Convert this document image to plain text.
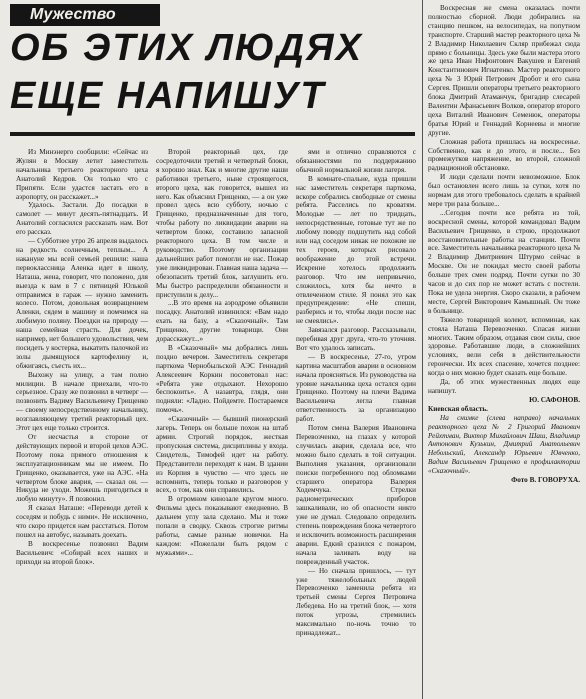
Мужество
ОБ ЭТИХ ЛЮДЯХ
ЕЩЕ НАПИШУТ

Из Минэнерго сообщили: «Сейчас из Жулян в Москву летит заместитель начальника третьего реакторного цеха Анатолий Кедров. Он только что с Припяти. Если удастся застать его в аэропорту, он расскажет...»

Удалось. Застали. До посадки в самолет — минут десять-пятнадцать. И Анатолий согласился рассказать нам. Вот его рассказ.

— Субботнее утро 26 апреля выдалось на редкость солнечным, теплым... А накануне мы всей семьей решили: наша первоклассница Аленка идет в школу, Наташа, жена, говорит, что положено, для выезда к вам в 7 с пятницей Юлькой отправимся в гараж — нужно заменить колесо. Потом, довольная возвращением Аленки, сядем в машину и помчимся на любимую поляну. Поездки на природу — наша семейная страсть. Для дочек, например, нет большего удовольствия, чем посидеть у костерка, выкатить палочкой из золы дымящуюся картофелину и, обжигаясь, съесть их...

Выхожу на улицу, а там полно милиции. В начале приехали, что-то серьезное. Сразу же позвонил в четверг — позвонить Вадиму Васильевичу Грищенко — своему непосредственному начальнику, возглавляющему третий реакторный цех. Этот цех еще только строится.

От несчастья в стороне от действующих первой и второй цехов АЭС. Поэтому пока прямого отношения к эксплуатационникам мы не имеем. По Грищенко, оказывается, уже на АЭС. «На четвертом блоке авария, — сказал он. — Никуда не уходи. Можешь пригодиться в любую минуту». Я позвонил.

Я сказал Наташе: «Переводи детей к соседям и побудь с ними». Не исключено, что скоро придется нам расстаться. Потом пошел на автобус, называть доехать.

В воскресенье позвонил Вадим Васильевич: «Собирай всех наших и приходи на второй блок».

Второй реакторный цех, где сосредоточили третий и четвертый блоки, я хорошо знал. Как и многие другие наши работники третьего, ныне строящегося, второго цеха, как говорится, вышел из него. Как объяснил Грищенко, — а он уже провел здесь всю субботу, ночью с Грищенко, предназначенные для того, чтобы работу по ликвидации аварии на четвертом блоке, составило запасной реакторного цеха. В том числе и руководство. Поэтому организации дальнейших работ помогли не нас. Пожар уже ликвидирован. Главная наша задача — обезопасить третий блок, заглушить его. Мы быстро распределили обязанности и приступили к делу...

...В это время на аэродроме объявили посадку. Анатолий извинился: «Вам надо ехать на базу, а «Сказочный». Там Грищенко, другие товарищи. Они дорасскажут...»

В «Сказочный» мы добрались лишь поздно вечером. Заместитель секретаря парткома Чернобыльской АЭС Геннадий Алексеевич Коркин посоветовал нас: «Ребята уже отдыхают. Нехорошо беспокоить». А назавтра, глядя, они подняли: «Ладно. Пойдемте. Постараемся помочь».

«Сказочный» — бывший пионерский лагерь. Теперь он больше похож на штаб армии. Строгий порядок, жесткая пропускная система, дисциплины у входа. Свидетель, Тимофей идет на работу. Представители переходят к нам. В здании из Корпия в чувство — что здесь не вспомнить, теперь только и разговоров у всех, о том, как они справились.

В огромном кинозале кругом много. Фильмы здесь показывают ежедневно. В дальнем углу зала сделано. Мы и тоже попали в сводку. Сквозь строгие ритмы работы, самые разные новички. На каждом: «Пожелали быть рядом с мужьями»...

ями и отлично справляются с обязанностями по поддержанию обычной нормальной жизни лагеря.

В комнате-спальне, куда пришли нас заместитель секретаря парткома, вскоре собрались свободные от смены ребята. Расселись по кроватям. Молодые — лет по тридцать, непосредственные, готовые тут же по любому поводу подшутить над собой или над соседом никак не похожие не тех героев, которых рисовало воображение до этой встречи. Искренне хотелось продолжить разговор. Что им непривычно, сложилось, хотя бы нечто в отвлеченном стиле. Я понял это как предупреждение: «Не спеши, разберись и то, чтобы люди после нас не смеялись».

Завязался разговор. Рассказывали, перебивая друг друга, что-то уточняя. Вот что удалось записать.

— В воскресенье, 27-го, утром картина масштабов аварии в основном начала проясняться. Из руководства на уровне начальника цеха остался один Грищенко. Поэтому на плечи Вадима Васильевича легла главная ответственность за организацию работ.

Потом смена Валерия Ивановича Перевозченко, на глазах у которой случилась авария, сделала все, что можно было сделать в той ситуации. Выполняя указания, организовали поиски погребенного под обломками старшего оператора Валерия Ходемчука. Стрелки радиометрических приборов зашкаливали, но об опасности никто уже не думал. Следовало определить степень повреждения блока четвертого и исключить возможность расширения аварии. Едкий сразился с пожаром, начала заливать воду на поврежденный участок.

— Но сначала пришлось, — тут уже тяжелобольных людей Перевозченко заменила ребята из третьей смены Сергея Петровича Лебедева. Но на третий блок, — хотя поток угрозы, стремились максимально по-ночь точно то принадлежат...

Воскресная же смена оказалась почти полностью сборной. Люди добирались на станцию пешком, на велосипедах, на попутном транспорте. Старший мастер реакторного цеха № 2 Владимир Николаевич Скляр прибежал сюда прямо с больницы. Здесь уже были мастера этого же цеха Иван Нифонтович Вакушев и Евгений Константинович Игнатенко. Мастер реакторного цеха № 3 Юрий Петрович Дробот и его сына Сергея. Пришли операторы третьего реакторного блока Дмитрий Атаманчук, бригадир слесарей Валентин Афанасьевич Волков, оператор второго цеха Виталий Иванович Семенюк, операторы братья Юрий и Геннадий Корнеевы и многие другие.

Сложная работа пришлась на воскресенье. Собственно, как и до этого, и после... Без промежутков напряжение, во второй, сложной радиационной обстановке.

И люди сделали почти невозможное. Блок был остановлен всего лишь за сутки, хотя по нормам для этого требовалось сделать в крайней мере три раза больше...

...Сегодня почти все ребята из той, воскресной смены, которой командовал Вадим Васильевич Грищенко, в строю, продолжают восстановительные работы на станции. Почти все. Заместитель начальника реакторного цеха № 2 Владимир Дмитриевич Штурмо сейчас в Москве. Он не покидал место своей работы больше трех смен подряд. Почти сутки по 30 часов и до сих пор не может встать с постели. Пока не удела энергия. Скоро сказали, в рабочем месте, Сергей Викторович Камышный. Он тоже в больнице.

Тяжело товарищей колеют, вспоминая, как стояла Наташа Перевозченко. Спасая жизни многих. Таким образом, отдавая свои силы, свое здоровье. Работавшие люди, в сложнейших условиях, вели себя в действительности героически. Их всех спасение, хочется позднее: когда о них можно будет сказать еще больше.

Да, об этих мужественных людях еще напишут.

Ю. САФОНОВ.

Киевская область.

На снимке (слева направо) начальник реакторного цеха № 2 Григорий Иванович Рейхтман, Виктор Михайлович Шаш, Владимир Антонович Кузькин, Дмитрий Анатольевич Небольский, Александр Юрьевич Ювченко, Вадим Васильевич Грищенко в профилактории «Сказочный».

Фото В. ГОВОРУХА.
